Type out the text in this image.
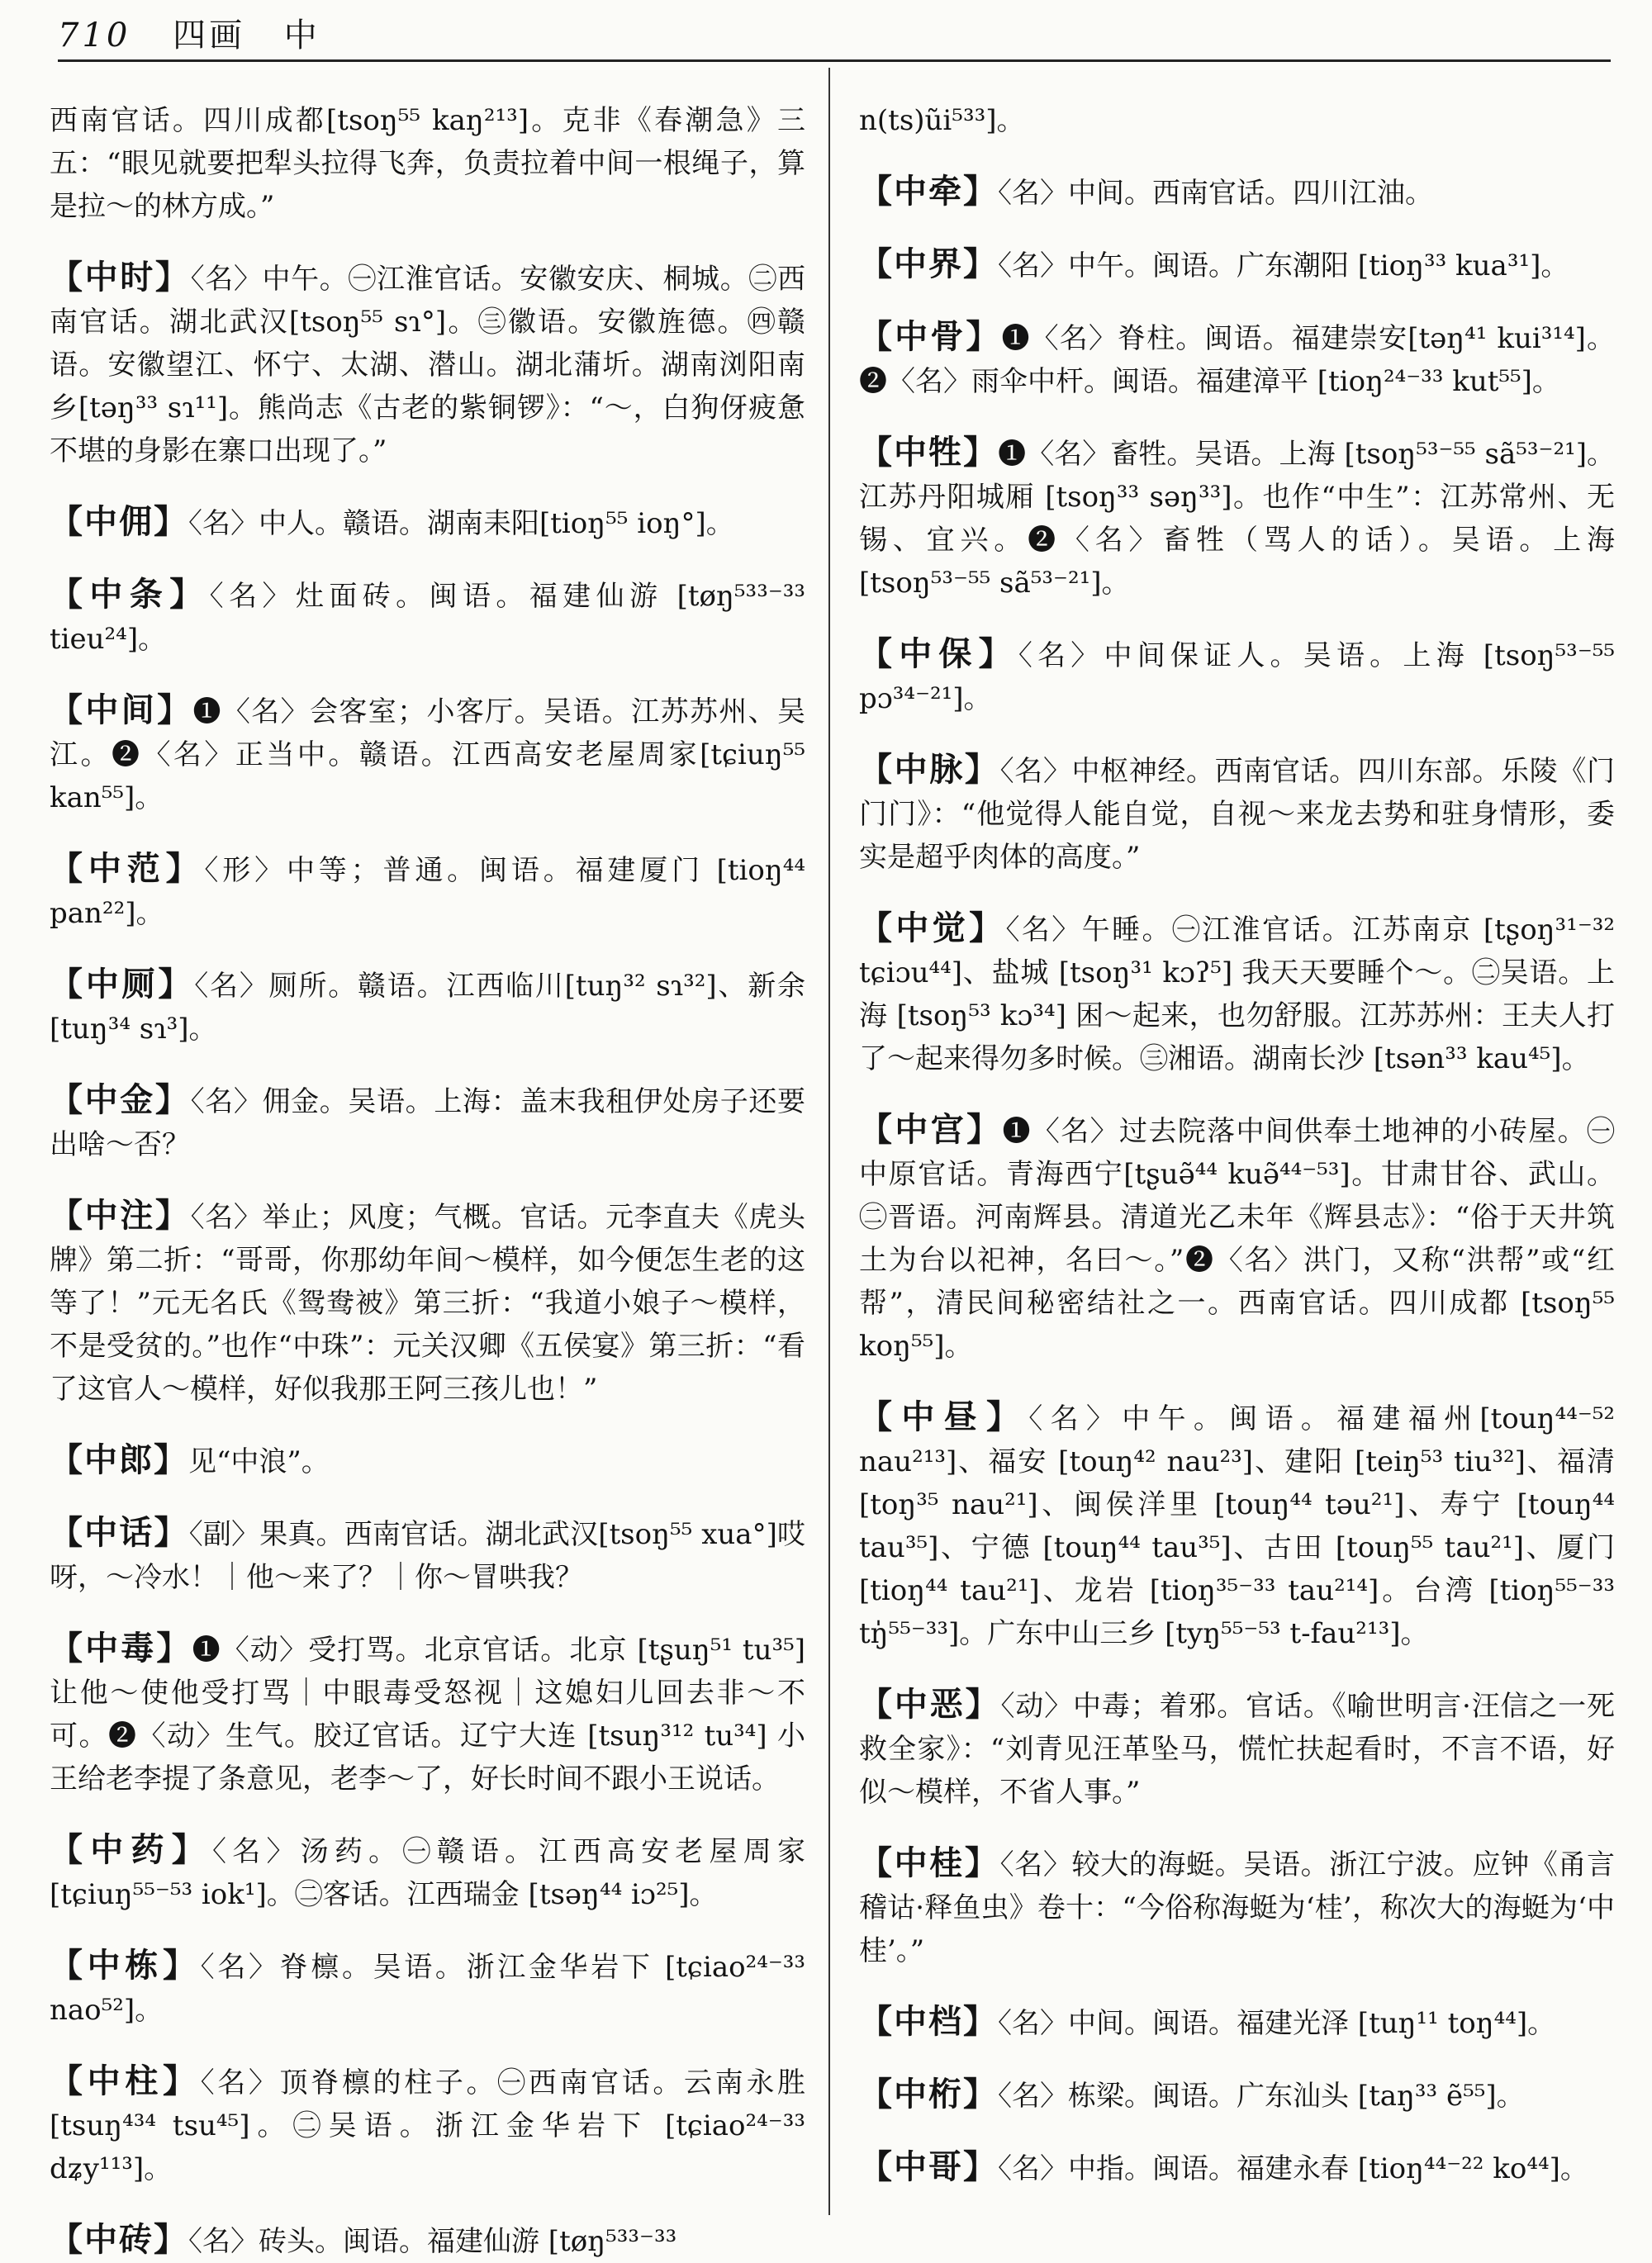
710 四画 中

西南官话。四川成都[tsoŋ⁵⁵ kaŋ²¹³]。克非《春潮急》三五：“眼见就要把犁头拉得飞奔，负责拉着中间一根绳子，算是拉～的林方成。”

【中时】〈名〉中午。㊀江淮官话。安徽安庆、桐城。㊁西南官话。湖北武汉[tsoŋ⁵⁵ sɿ°]。㊂徽语。安徽旌德。㊃赣语。安徽望江、怀宁、太湖、潜山。湖北蒲圻。湖南浏阳南乡[təŋ³³ sɿ¹¹]。熊尚志《古老的紫铜锣》：“～，白狗伢疲惫不堪的身影在寨口出现了。”

【中佣】〈名〉中人。赣语。湖南耒阳[tioŋ⁵⁵ ioŋ°]。

【中条】〈名〉灶面砖。闽语。福建仙游 [tøŋ⁵³³⁻³³ tieu²⁴]。

【中间】❶〈名〉会客室；小客厅。吴语。江苏苏州、吴江。❷〈名〉正当中。赣语。江西高安老屋周家[tɕiuŋ⁵⁵ kan⁵⁵]。

【中范】〈形〉中等；普通。闽语。福建厦门 [tioŋ⁴⁴ pan²²]。

【中厕】〈名〉厕所。赣语。江西临川[tuŋ³² sɿ³²]、新余[tuŋ³⁴ sɿ³]。

【中金】〈名〉佣金。吴语。上海：盖末我租伊处房子还要出啥～否？

【中注】〈名〉举止；风度；气概。官话。元李直夫《虎头牌》第二折：“哥哥，你那幼年间～模样，如今便怎生老的这等了！”元无名氏《鸳鸯被》第三折：“我道小娘子～模样，不是受贫的。”也作“中珠”：元关汉卿《五侯宴》第三折：“看了这官人～模样，好似我那王阿三孩儿也！”

【中郎】见“中浪”。

【中话】〈副〉果真。西南官话。湖北武汉[tsoŋ⁵⁵ xua°]哎呀，～冷水！｜他～来了？｜你～冒哄我？

【中毒】❶〈动〉受打骂。北京官话。北京 [tʂuŋ⁵¹ tu³⁵] 让他～使他受打骂｜中眼毒受怒视｜这媳妇儿回去非～不可。❷〈动〉生气。胶辽官话。辽宁大连 [tsuŋ³¹² tu³⁴] 小王给老李提了条意见，老李～了，好长时间不跟小王说话。

【中药】〈名〉汤药。㊀赣语。江西高安老屋周家 [tɕiuŋ⁵⁵⁻⁵³ iok¹]。㊁客话。江西瑞金 [tsəŋ⁴⁴ iɔ²⁵]。

【中栋】〈名〉脊檩。吴语。浙江金华岩下 [tɕiao²⁴⁻³³ nao⁵²]。

【中柱】〈名〉顶脊檩的柱子。㊀西南官话。云南永胜 [tsuŋ⁴³⁴ tsu⁴⁵]。㊁吴语。浙江金华岩下 [tɕiao²⁴⁻³³ dʑy¹¹³]。

【中砖】〈名〉砖头。闽语。福建仙游 [tøŋ⁵³³⁻³³

n(ts)ũi⁵³³]。

【中牵】〈名〉中间。西南官话。四川江油。

【中界】〈名〉中午。闽语。广东潮阳 [tioŋ³³ kua³¹]。

【中骨】❶〈名〉脊柱。闽语。福建崇安[təŋ⁴¹ kui³¹⁴]。❷〈名〉雨伞中杆。闽语。福建漳平 [tioŋ²⁴⁻³³ kut⁵⁵]。

【中牲】❶〈名〉畜牲。吴语。上海 [tsoŋ⁵³⁻⁵⁵ sã⁵³⁻²¹]。江苏丹阳城厢 [tsoŋ³³ səŋ³³]。也作“中生”：江苏常州、无锡、宜兴。❷〈名〉畜牲（骂人的话）。吴语。上海 [tsoŋ⁵³⁻⁵⁵ sã⁵³⁻²¹]。

【中保】〈名〉中间保证人。吴语。上海 [tsoŋ⁵³⁻⁵⁵ pɔ³⁴⁻²¹]。

【中脉】〈名〉中枢神经。西南官话。四川东部。乐陵《门门门》：“他觉得人能自觉，自视～来龙去势和驻身情形，委实是超乎肉体的高度。”

【中觉】〈名〉午睡。㊀江淮官话。江苏南京 [tʂoŋ³¹⁻³² tɕiɔu⁴⁴]、盐城 [tsoŋ³¹ kɔʔ⁵] 我天天要睡个～。㊁吴语。上海 [tsoŋ⁵³ kɔ³⁴] 困～起来，也勿舒服。江苏苏州：王夫人打了～起来得勿多时候。㊂湘语。湖南长沙 [tsən³³ kau⁴⁵]。

【中宫】❶〈名〉过去院落中间供奉土地神的小砖屋。㊀中原官话。青海西宁[tʂuə̃⁴⁴ kuə̃⁴⁴⁻⁵³]。甘肃甘谷、武山。㊁晋语。河南辉县。清道光乙未年《辉县志》：“俗于天井筑土为台以祀神，名曰～。”❷〈名〉洪门，又称“洪帮”或“红帮”，清民间秘密结社之一。西南官话。四川成都 [tsoŋ⁵⁵ koŋ⁵⁵]。

【中昼】〈名〉中午。闽语。福建福州[touŋ⁴⁴⁻⁵² nau²¹³]、福安 [touŋ⁴² nau²³]、建阳 [teiŋ⁵³ tiu³²]、福清 [toŋ³⁵ nau²¹]、闽侯洋里 [touŋ⁴⁴ təu²¹]、寿宁 [touŋ⁴⁴ tau³⁵]、宁德 [touŋ⁴⁴ tau³⁵]、古田 [touŋ⁵⁵ tau²¹]、厦门 [tioŋ⁴⁴ tau²¹]、龙岩 [tioŋ³⁵⁻³³ tau²¹⁴]。台湾 [tioŋ⁵⁵⁻³³ tŋ̍⁵⁵⁻³³]。广东中山三乡 [tyŋ⁵⁵⁻⁵³ t-fau²¹³]。

【中恶】〈动〉中毒；着邪。官话。《喻世明言·汪信之一死救全家》：“刘青见汪革坠马，慌忙扶起看时，不言不语，好似～模样，不省人事。”

【中桂】〈名〉较大的海蜓。吴语。浙江宁波。应钟《甬言稽诂·释鱼虫》卷十：“今俗称海蜓为‘桂’，称次大的海蜓为‘中桂’。”

【中档】〈名〉中间。闽语。福建光泽 [tuŋ¹¹ toŋ⁴⁴]。

【中桁】〈名〉栋梁。闽语。广东汕头 [taŋ³³ ẽ⁵⁵]。

【中哥】〈名〉中指。闽语。福建永春 [tioŋ⁴⁴⁻²² ko⁴⁴]。
